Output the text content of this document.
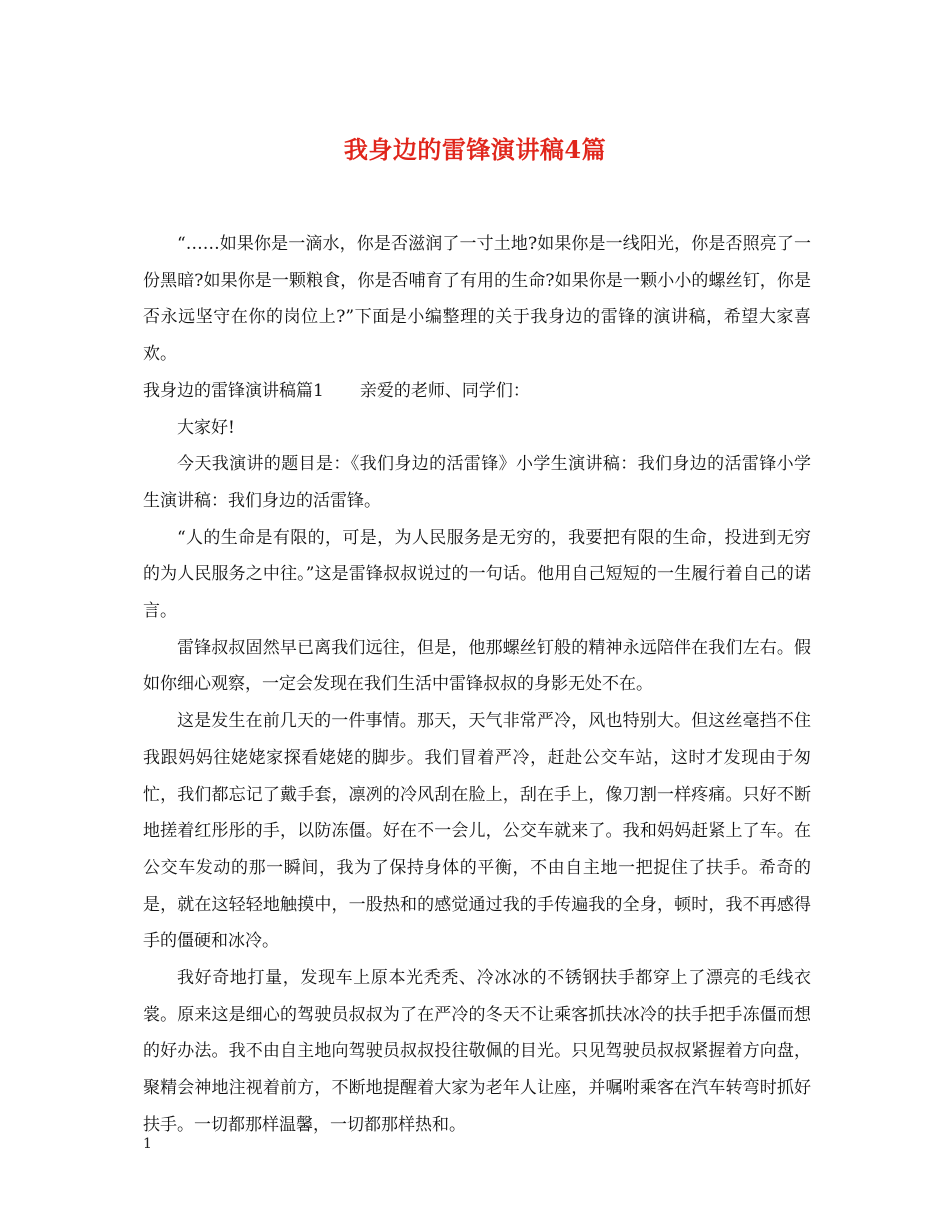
我身边的雷锋演讲稿4篇

“……如果你是一滴水，你是否滋润了一寸土地?如果你是一线阳光，你是否照亮了一份黑暗?如果你是一颗粮食，你是否哺育了有用的生命?如果你是一颗小小的螺丝钉，你是否永远坚守在你的岗位上?”下面是小编整理的关于我身边的雷锋的演讲稿，希望大家喜欢。

我身边的雷锋演讲稿篇1 亲爱的老师、同学们：

大家好!

今天我演讲的题目是：《我们身边的活雷锋》小学生演讲稿：我们身边的活雷锋小学生演讲稿：我们身边的活雷锋。

“人的生命是有限的，可是，为人民服务是无穷的，我要把有限的生命，投进到无穷的为人民服务之中往。”这是雷锋叔叔说过的一句话。他用自己短短的一生履行着自己的诺言。

雷锋叔叔固然早已离我们远往，但是，他那螺丝钉般的精神永远陪伴在我们左右。假如你细心观察，一定会发现在我们生活中雷锋叔叔的身影无处不在。

这是发生在前几天的一件事情。那天，天气非常严冷，风也特别大。但这丝毫挡不住我跟妈妈往姥姥家探看姥姥的脚步。我们冒着严冷，赶赴公交车站，这时才发现由于匆忙，我们都忘记了戴手套，凛冽的冷风刮在脸上，刮在手上，像刀割一样疼痛。只好不断地搓着红彤彤的手，以防冻僵。好在不一会儿，公交车就来了。我和妈妈赶紧上了车。在公交车发动的那一瞬间，我为了保持身体的平衡，不由自主地一把捉住了扶手。希奇的是，就在这轻轻地触摸中，一股热和的感觉通过我的手传遍我的全身，顿时，我不再感得手的僵硬和冰冷。

我好奇地打量，发现车上原本光秃秃、冷冰冰的不锈钢扶手都穿上了漂亮的毛线衣裳。原来这是细心的驾驶员叔叔为了在严冷的冬天不让乘客抓扶冰冷的扶手把手冻僵而想的好办法。我不由自主地向驾驶员叔叔投往敬佩的目光。只见驾驶员叔叔紧握着方向盘，聚精会神地注视着前方，不断地提醒着大家为老年人让座，并嘱咐乘客在汽车转弯时抓好扶手。一切都那样温馨，一切都那样热和。

1
